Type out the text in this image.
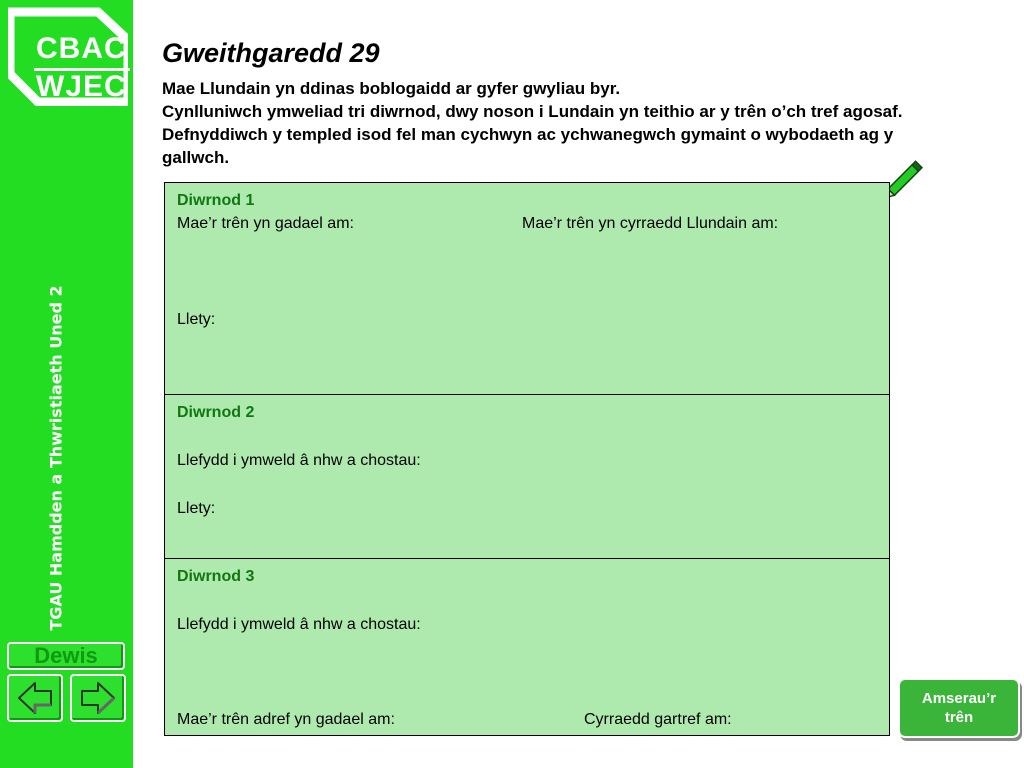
CBAC
WJEC
TGAU Hamdden a Thwristiaeth Uned 2
Dewis
Gweithgaredd 29
Mae Llundain yn ddinas boblogaidd ar gyfer gwyliau byr.
Cynlluniwch ymweliad tri diwrnod, dwy noson i Lundain yn teithio ar y trên o’ch tref agosaf. Defnyddiwch y templed isod fel man cychwyn ac ychwanegwch gymaint o wybodaeth ag y gallwch.
Diwrnod 1
Mae’r trên yn gadael am:	Mae’r trên yn cyrraedd Llundain am:
Llety:
Diwrnod 2
Llefydd i ymweld â nhw a chostau:
Llety:
Diwrnod 3
Llefydd i ymweld â nhw a chostau:
Mae’r trên adref yn gadael am:	Cyrraedd gartref am:
Amserau’r
trên
